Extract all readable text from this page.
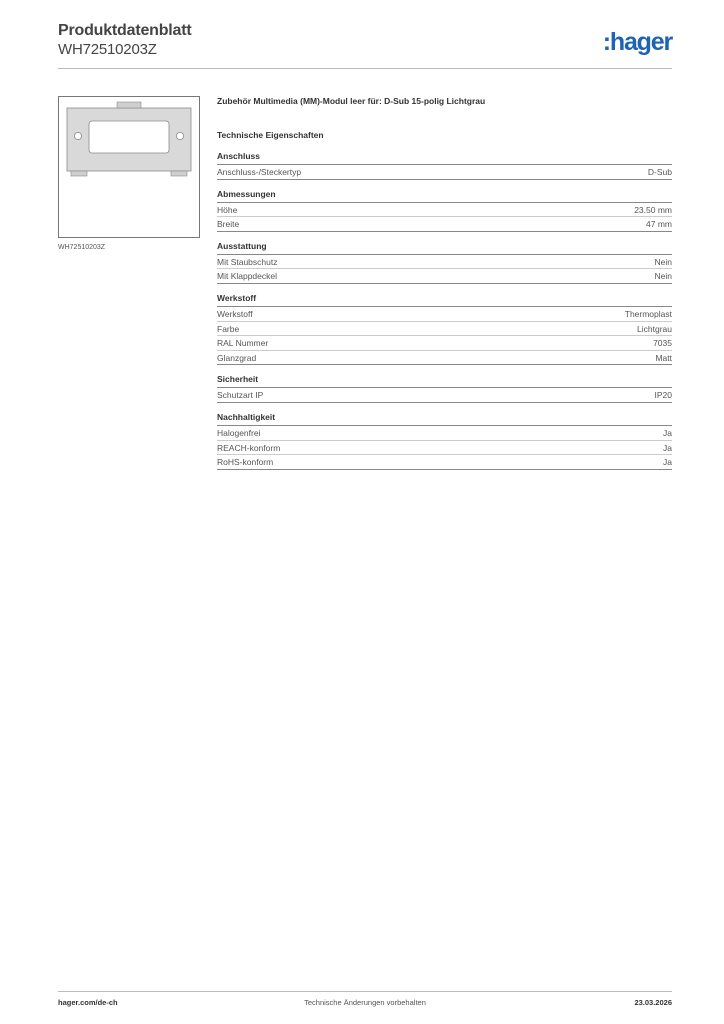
Produktdatenblatt
WH72510203Z	:hager
WH72510203Z
Zubehör Multimedia (MM)-Modul leer für: D-Sub 15-polig Lichtgrau
Technische Eigenschaften
Anschluss
Anschluss-/Steckertyp	D-Sub
Abmessungen
Höhe	23.50 mm
Breite	47 mm
Ausstattung
Mit Staubschutz	Nein
Mit Klappdeckel	Nein
Werkstoff
Werkstoff	Thermoplast
Farbe	Lichtgrau
RAL Nummer	7035
Glanzgrad	Matt
Sicherheit
Schutzart IP	IP20
Nachhaltigkeit
Halogenfrei	Ja
REACH-konform	Ja
RoHS-konform	Ja
hager.com/de-ch	Technische Änderungen vorbehalten	23.03.2026
